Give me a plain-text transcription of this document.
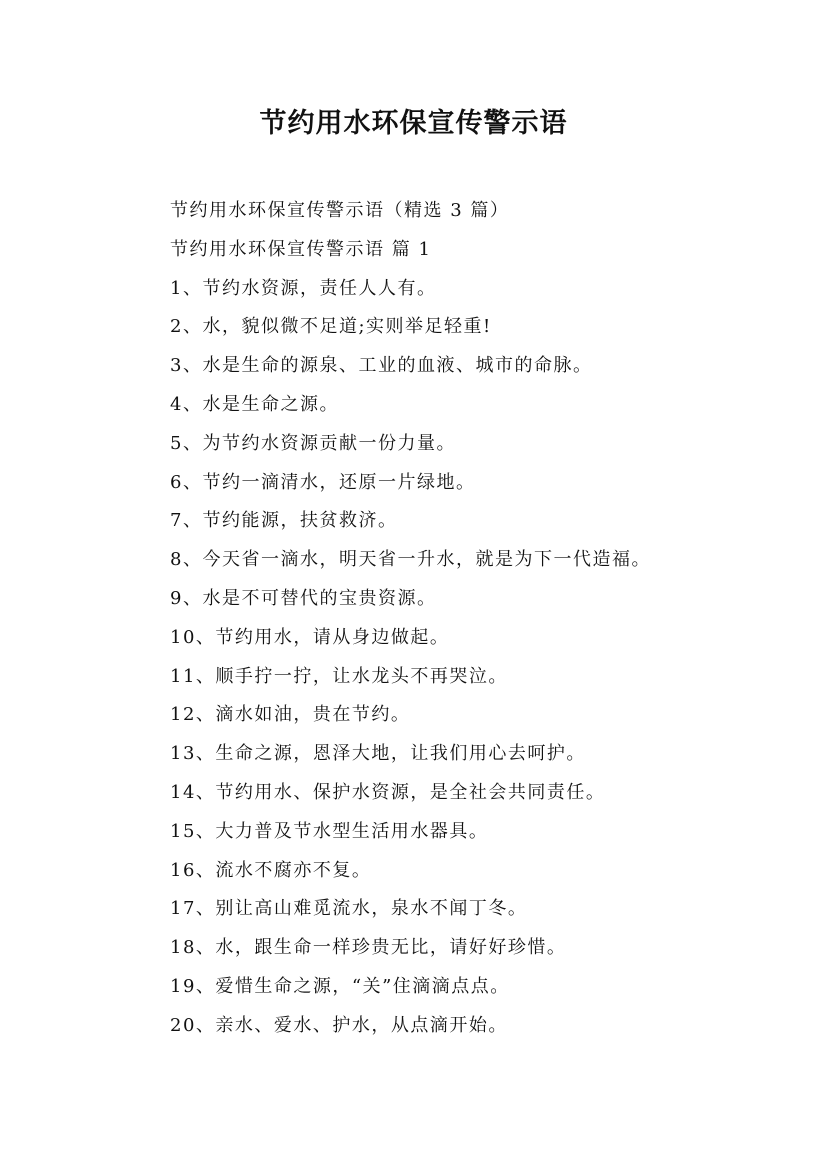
节约用水环保宣传警示语
节约用水环保宣传警示语（精选 3 篇）
节约用水环保宣传警示语 篇 1
1、节约水资源，责任人人有。
2、水，貌似微不足道;实则举足轻重!
3、水是生命的源泉、工业的血液、城市的命脉。
4、水是生命之源。
5、为节约水资源贡献一份力量。
6、节约一滴清水，还原一片绿地。
7、节约能源，扶贫救济。
8、今天省一滴水，明天省一升水，就是为下一代造福。
9、水是不可替代的宝贵资源。
10、节约用水，请从身边做起。
11、顺手拧一拧，让水龙头不再哭泣。
12、滴水如油，贵在节约。
13、生命之源，恩泽大地，让我们用心去呵护。
14、节约用水、保护水资源，是全社会共同责任。
15、大力普及节水型生活用水器具。
16、流水不腐亦不复。
17、别让高山难觅流水，泉水不闻丁冬。
18、水，跟生命一样珍贵无比，请好好珍惜。
19、爱惜生命之源，“关”住滴滴点点。
20、亲水、爱水、护水，从点滴开始。
